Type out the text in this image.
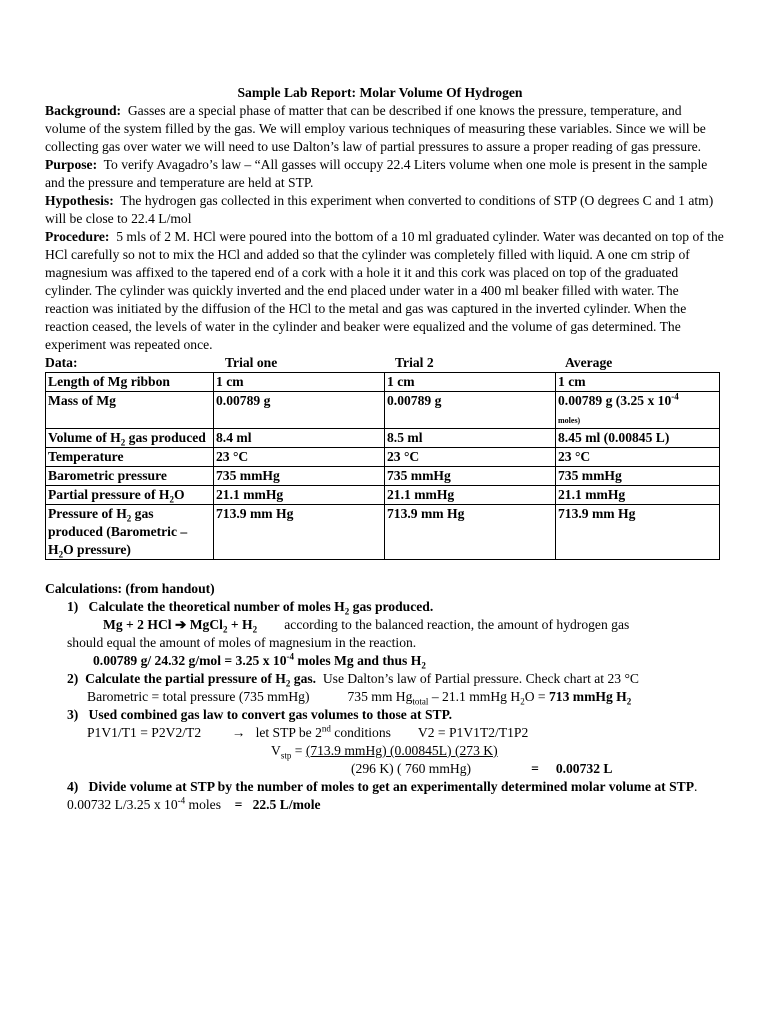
Sample Lab Report: Molar Volume Of Hydrogen

Background: Gasses are a special phase of matter that can be described if one knows the pressure, temperature, and volume of the system filled by the gas. We will employ various techniques of measuring these variables. Since we will be collecting gas over water we will need to use Dalton’s law of partial pressures to assure a proper reading of gas pressure.

Purpose: To verify Avagadro’s law – “All gasses will occupy 22.4 Liters volume when one mole is present in the sample and the pressure and temperature are held at STP.

Hypothesis: The hydrogen gas collected in this experiment when converted to conditions of STP (O degrees C and 1 atm) will be close to 22.4 L/mol

Procedure: 5 mls of 2 M. HCl were poured into the bottom of a 10 ml graduated cylinder. Water was decanted on top of the HCl carefully so not to mix the HCl and added so that the cylinder was completely filled with liquid. A one cm strip of magnesium was affixed to the tapered end of a cork with a hole it it and this cork was placed on top of the graduated cylinder. The cylinder was quickly inverted and the end placed under water in a 400 ml beaker filled with water. The reaction was initiated by the diffusion of the HCl to the metal and gas was captured in the inverted cylinder. When the reaction ceased, the levels of water in the cylinder and beaker were equalized and the volume of gas determined. The experiment was repeated once.

Data:	Trial one	Trial 2	Average
Length of Mg ribbon	1 cm	1 cm	1 cm
Mass of Mg	0.00789 g	0.00789 g	0.00789 g (3.25 x $10^{-4}$
moles)
Volume of $H_2$ gas produced	8.4 ml	8.5 ml	8.45 ml (0.00845 L)
Temperature	23 °C	23 °C	23 °C
Barometric pressure	735 mmHg	735 mmHg	735 mmHg
Partial pressure of $H_2O$	21.1 mmHg	21.1 mmHg	21.1 mmHg
Pressure of $H_2$ gas produced (Barometric – $H_2O$ pressure)	713.9 mm Hg	713.9 mm Hg	713.9 mm Hg

Calculations: (from handout)

1) Calculate the theoretical number of moles $H_2$ gas produced.

Mg + 2 HCl ➔ MgCl$_2$ + $H_2$ according to the balanced reaction, the amount of hydrogen gas

should equal the amount of moles of magnesium in the reaction.

0.00789 g/ 24.32 g/mol = 3.25 x $10^{-4}$ moles Mg and thus $H_2$

2) Calculate the partial pressure of $H_2$ gas. Use Dalton’s law of Partial pressure. Check chart at 23 °C

Barometric = total pressure (735 mmHg)	735 mm $Hg_{total} - 21.1$ mmHg $H_2O = 713$ mmHg $H_2$

3) Used combined gas law to convert gas volumes to those at STP.

P1V1/T1 = P2V2/T2 → let STP be 2nd conditions V2 = P1V1T2/T1P2

$V_{stp} = (713.9$ mmHg) (0.00845L) (273 K)

(296 K) ( 760 mmHg)	= 0.00732 L

4) Divide volume at STP by the number of moles to get an experimentally determined molar volume at STP.      0.00732 L/3.25 x $10^{-4}$ moles = 22.5 L/mole
